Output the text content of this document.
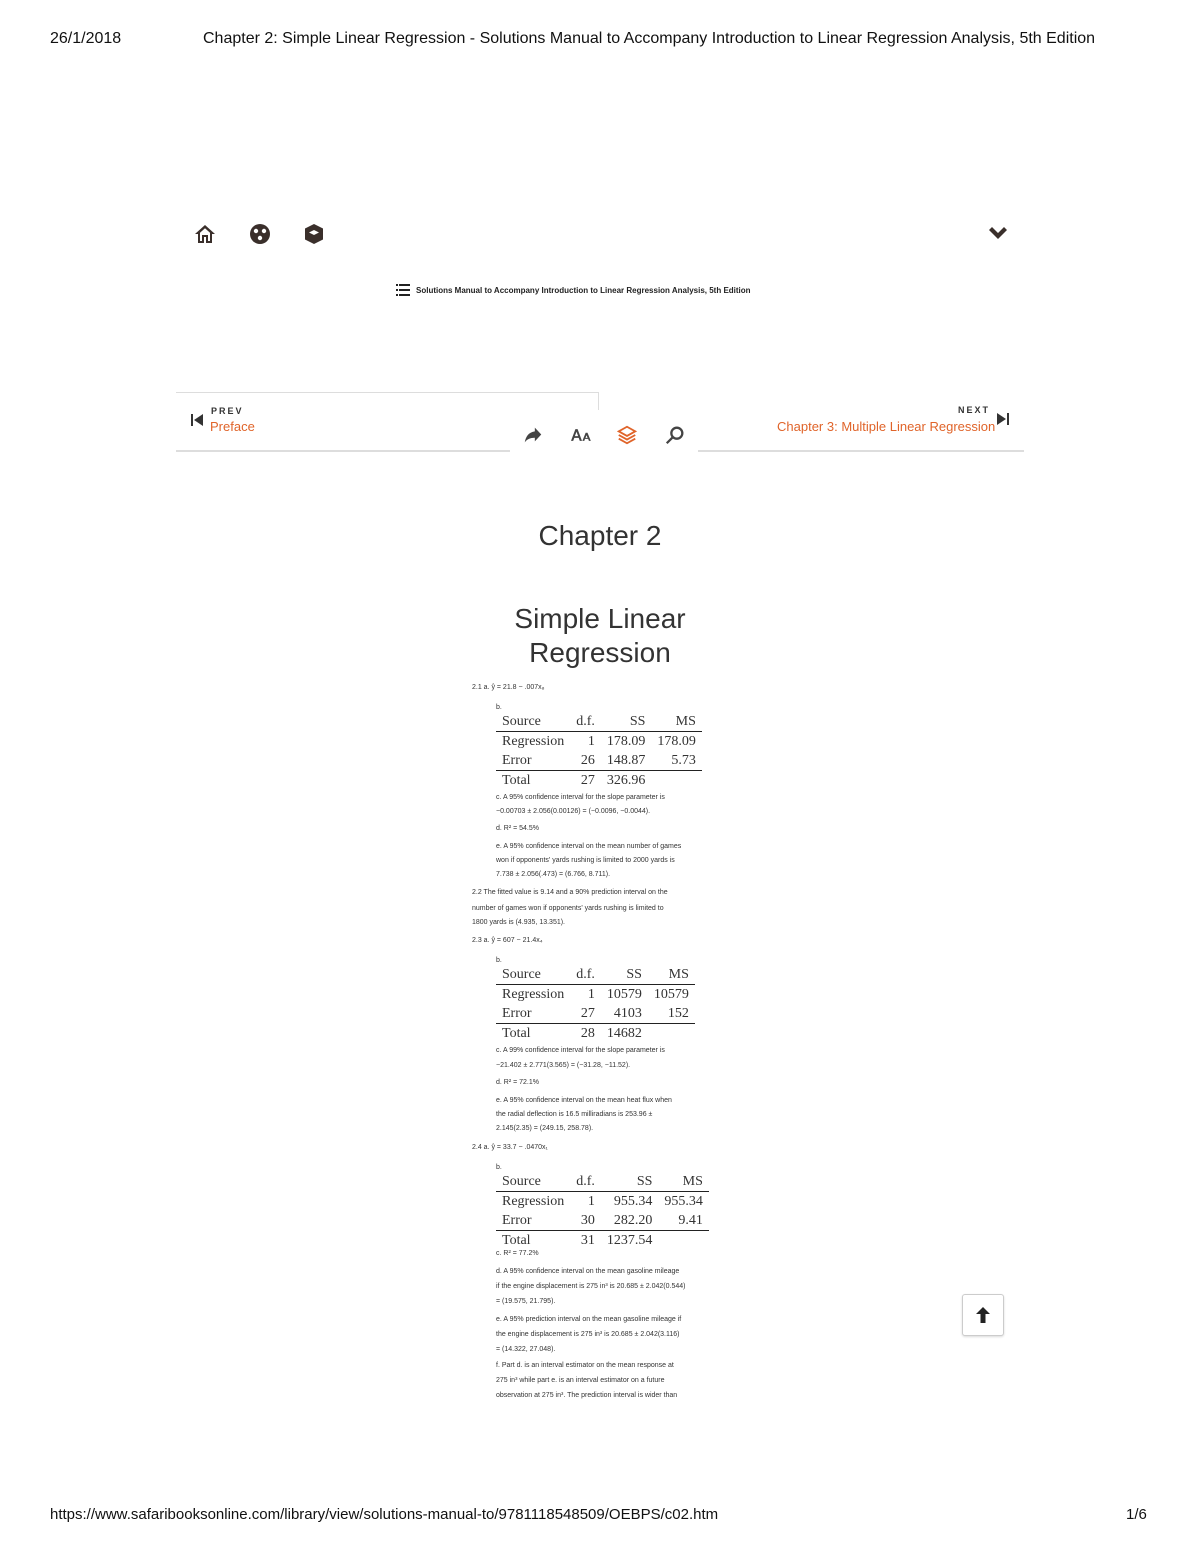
26/1/2018	Chapter 2: Simple Linear Regression - Solutions Manual to Accompany Introduction to Linear Regression Analysis, 5th Edition
Solutions Manual to Accompany Introduction to Linear Regression Analysis, 5th Edition
PREV
Preface
NEXT
Chapter 3: Multiple Linear Regression
Chapter 2
Simple Linear Regression
2.1 a. ŷ = 21.8 − .007x₈
b.
Source	d.f.	SS	MS
Regression	1	178.09	178.09
Error	26	148.87	5.73
Total	27	326.96	
c. A 95% confidence interval for the slope parameter is
−0.00703 ± 2.056(0.00126) = (−0.0096, −0.0044).
d. R² = 54.5%
e. A 95% confidence interval on the mean number of games
won if opponents' yards rushing is limited to 2000 yards is
7.738 ± 2.056(.473) = (6.766, 8.711).
2.2 The fitted value is 9.14 and a 90% prediction interval on the
number of games won if opponents' yards rushing is limited to
1800 yards is (4.935, 13.351).
2.3 a. ŷ = 607 − 21.4x₄
b.
Source	d.f.	SS	MS
Regression	1	10579	10579
Error	27	4103	152
Total	28	14682	
c. A 99% confidence interval for the slope parameter is
−21.402 ± 2.771(3.565) = (−31.28, −11.52).
d. R² = 72.1%
e. A 95% confidence interval on the mean heat flux when
the radial deflection is 16.5 milliradians is 253.96 ±
2.145(2.35) = (249.15, 258.78).
2.4 a. ŷ = 33.7 − .0470x₁
b.
Source	d.f.	SS	MS
Regression	1	955.34	955.34
Error	30	282.20	9.41
Total	31	1237.54	
c. R² = 77.2%
d. A 95% confidence interval on the mean gasoline mileage
if the engine displacement is 275 in³ is 20.685 ± 2.042(0.544)
= (19.575, 21.795).
e. A 95% prediction interval on the mean gasoline mileage if
the engine displacement is 275 in³ is 20.685 ± 2.042(3.116)
= (14.322, 27.048).
f. Part d. is an interval estimator on the mean response at
275 in³ while part e. is an interval estimator on a future
observation at 275 in³. The prediction interval is wider than
https://www.safaribooksonline.com/library/view/solutions-manual-to/9781118548509/OEBPS/c02.htm	1/6
